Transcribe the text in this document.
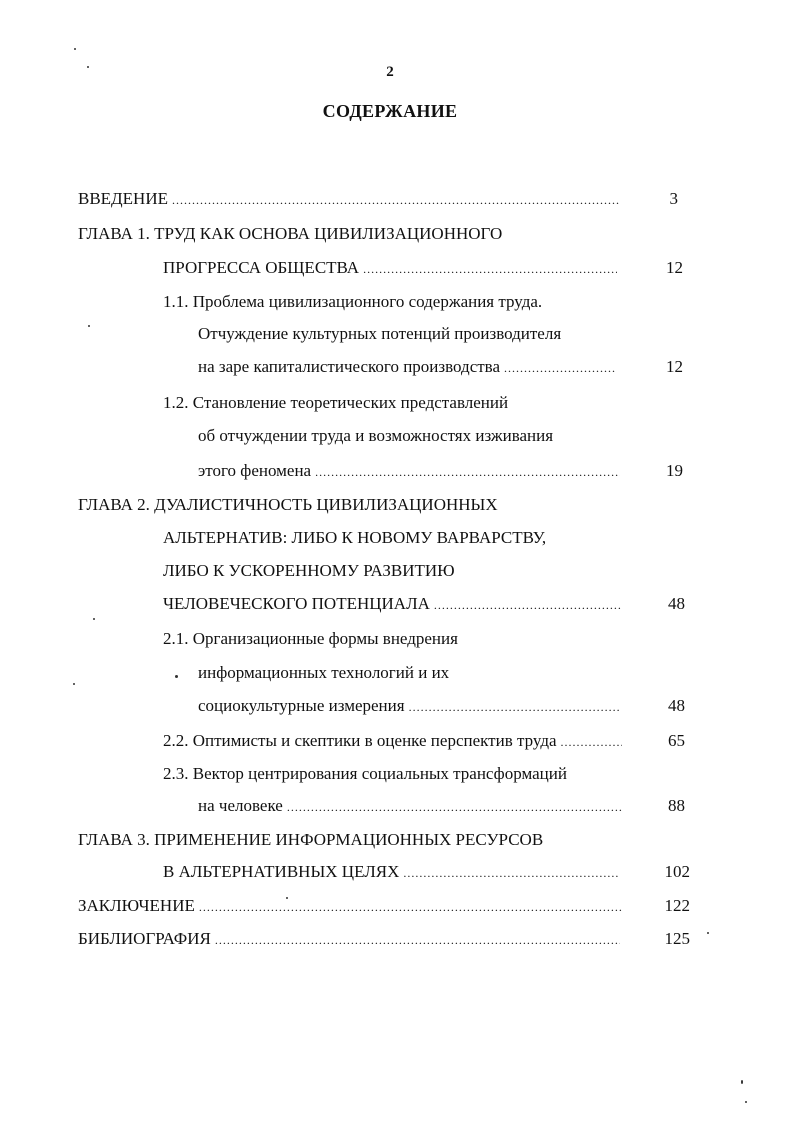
2
СОДЕРЖАНИЕ
ВВЕДЕНИЕ .....	3
ГЛАВА 1. ТРУД КАК ОСНОВА ЦИВИЛИЗАЦИОННОГО
ПРОГРЕССА ОБЩЕСТВА .....	12
1.1. Проблема цивилизационного содержания труда.
Отчуждение культурных потенций производителя
на заре капиталистического производства .....	12
1.2. Становление теоретических представлений
об отчуждении труда и возможностях изживания
этого феномена .....	19
ГЛАВА 2. ДУАЛИСТИЧНОСТЬ ЦИВИЛИЗАЦИОННЫХ
АЛЬТЕРНАТИВ: ЛИБО К НОВОМУ ВАРВАРСТВУ,
ЛИБО К УСКОРЕННОМУ РАЗВИТИЮ
ЧЕЛОВЕЧЕСКОГО ПОТЕНЦИАЛА .....	48
2.1. Организационные формы внедрения
информационных технологий и их
социокультурные измерения .....	48
2.2. Оптимисты и скептики в оценке перспектив труда .....	65
2.3. Вектор центрирования социальных трансформаций
на человеке .....	88
ГЛАВА 3. ПРИМЕНЕНИЕ ИНФОРМАЦИОННЫХ РЕСУРСОВ
В АЛЬТЕРНАТИВНЫХ ЦЕЛЯХ .....	102
ЗАКЛЮЧЕНИЕ .....	122
БИБЛИОГРАФИЯ .....	125
